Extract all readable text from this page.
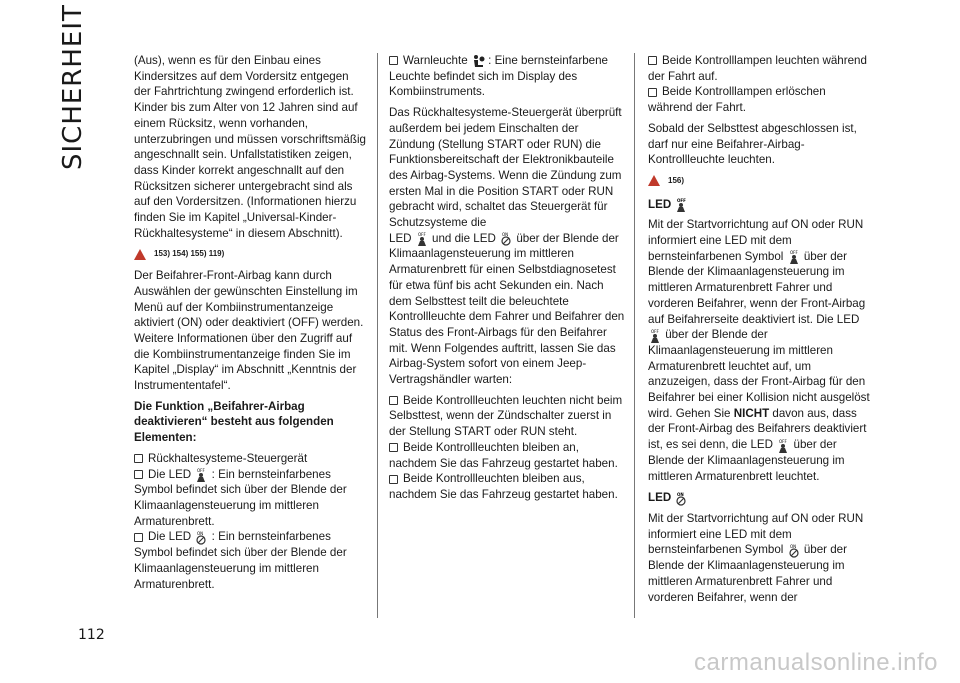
SICHERHEIT
112

(Aus), wenn es für den Einbau eines Kindersitzes auf dem Vordersitz entgegen der Fahrtrichtung zwingend erforderlich ist. Kinder bis zum Alter von 12 Jahren sind auf einem Rücksitz, wenn vorhanden, unterzubringen und müssen vorschriftsmäßig angeschnallt sein. Unfallstatistiken zeigen, dass Kinder korrekt angeschnallt auf den Rücksitzen sicherer untergebracht sind als auf den Vordersitzen. (Informationen hierzu finden Sie im Kapitel „Universal-Kinder-Rückhaltesysteme“ in diesem Abschnitt).

153) 154) 155) 119)

Der Beifahrer-Front-Airbag kann durch Auswählen der gewünschten Einstellung im Menü auf der Kombiinstrumentanzeige aktiviert (ON) oder deaktiviert (OFF) werden. Weitere Informationen über den Zugriff auf die Kombiinstrumentanzeige finden Sie im Kapitel „Display“ im Abschnitt „Kenntnis der Instrumententafel“.

Die Funktion „Beifahrer-Airbag deaktivieren“ besteht aus folgenden Elementen:

Rückhaltesysteme-Steuergerät
Die LED OFF : Ein bernsteinfarbenes Symbol befindet sich über der Blende der Klimaanlagensteuerung im mittleren Armaturenbrett.
Die LED ON : Ein bernsteinfarbenes Symbol befindet sich über der Blende der Klimaanlagensteuerung im mittleren Armaturenbrett.
Warnleuchte : Eine bernsteinfarbene Leuchte befindet sich im Display des Kombiinstruments.

Das Rückhaltesysteme-Steuergerät überprüft außerdem bei jedem Einschalten der Zündung (Stellung START oder RUN) die Funktionsbereitschaft der Elektronikbauteile des Airbag-Systems. Wenn die Zündung zum ersten Mal in die Position START oder RUN gebracht wird, schaltet das Steuergerät für Schutzsysteme die
LED OFF und die LED ON über der Blende der Klimaanlagensteuerung im mittleren Armaturenbrett für einen Selbstdiagnosetest für etwa fünf bis acht Sekunden ein. Nach dem Selbsttest teilt die beleuchtete Kontrollleuchte dem Fahrer und Beifahrer den Status des Front-Airbags für den Beifahrer mit. Wenn Folgendes auftritt, lassen Sie das Airbag-System sofort von einem Jeep-Vertragshändler warten:

Beide Kontrollleuchten leuchten nicht beim Selbsttest, wenn der Zündschalter zuerst in der Stellung START oder RUN steht.
Beide Kontrollleuchten bleiben an, nachdem Sie das Fahrzeug gestartet haben.
Beide Kontrollleuchten bleiben aus, nachdem Sie das Fahrzeug gestartet haben.
Beide Kontrolllampen leuchten während der Fahrt auf.
Beide Kontrolllampen erlöschen während der Fahrt.

Sobald der Selbsttest abgeschlossen ist, darf nur eine Beifahrer-Airbag-Kontrollleuchte leuchten.

156)

LED OFF

Mit der Startvorrichtung auf ON oder RUN informiert eine LED mit dem bernsteinfarbenen Symbol OFF über der Blende der Klimaanlagensteuerung im mittleren Armaturenbrett Fahrer und vorderen Beifahrer, wenn der Front-Airbag auf Beifahrerseite deaktiviert ist. Die LED
OFF über der Blende der Klimaanlagensteuerung im mittleren Armaturenbrett leuchtet auf, um anzuzeigen, dass der Front-Airbag für den Beifahrer bei einer Kollision nicht ausgelöst wird. Gehen Sie NICHT davon aus, dass der Front-Airbag des Beifahrers deaktiviert ist, es sei denn, die LED OFF über der Blende der Klimaanlagensteuerung im mittleren Armaturenbrett leuchtet.

LED ON

Mit der Startvorrichtung auf ON oder RUN informiert eine LED mit dem bernsteinfarbenen Symbol ON über der Blende der Klimaanlagensteuerung im mittleren Armaturenbrett Fahrer und vorderen Beifahrer, wenn der

carmanualsonline.info
